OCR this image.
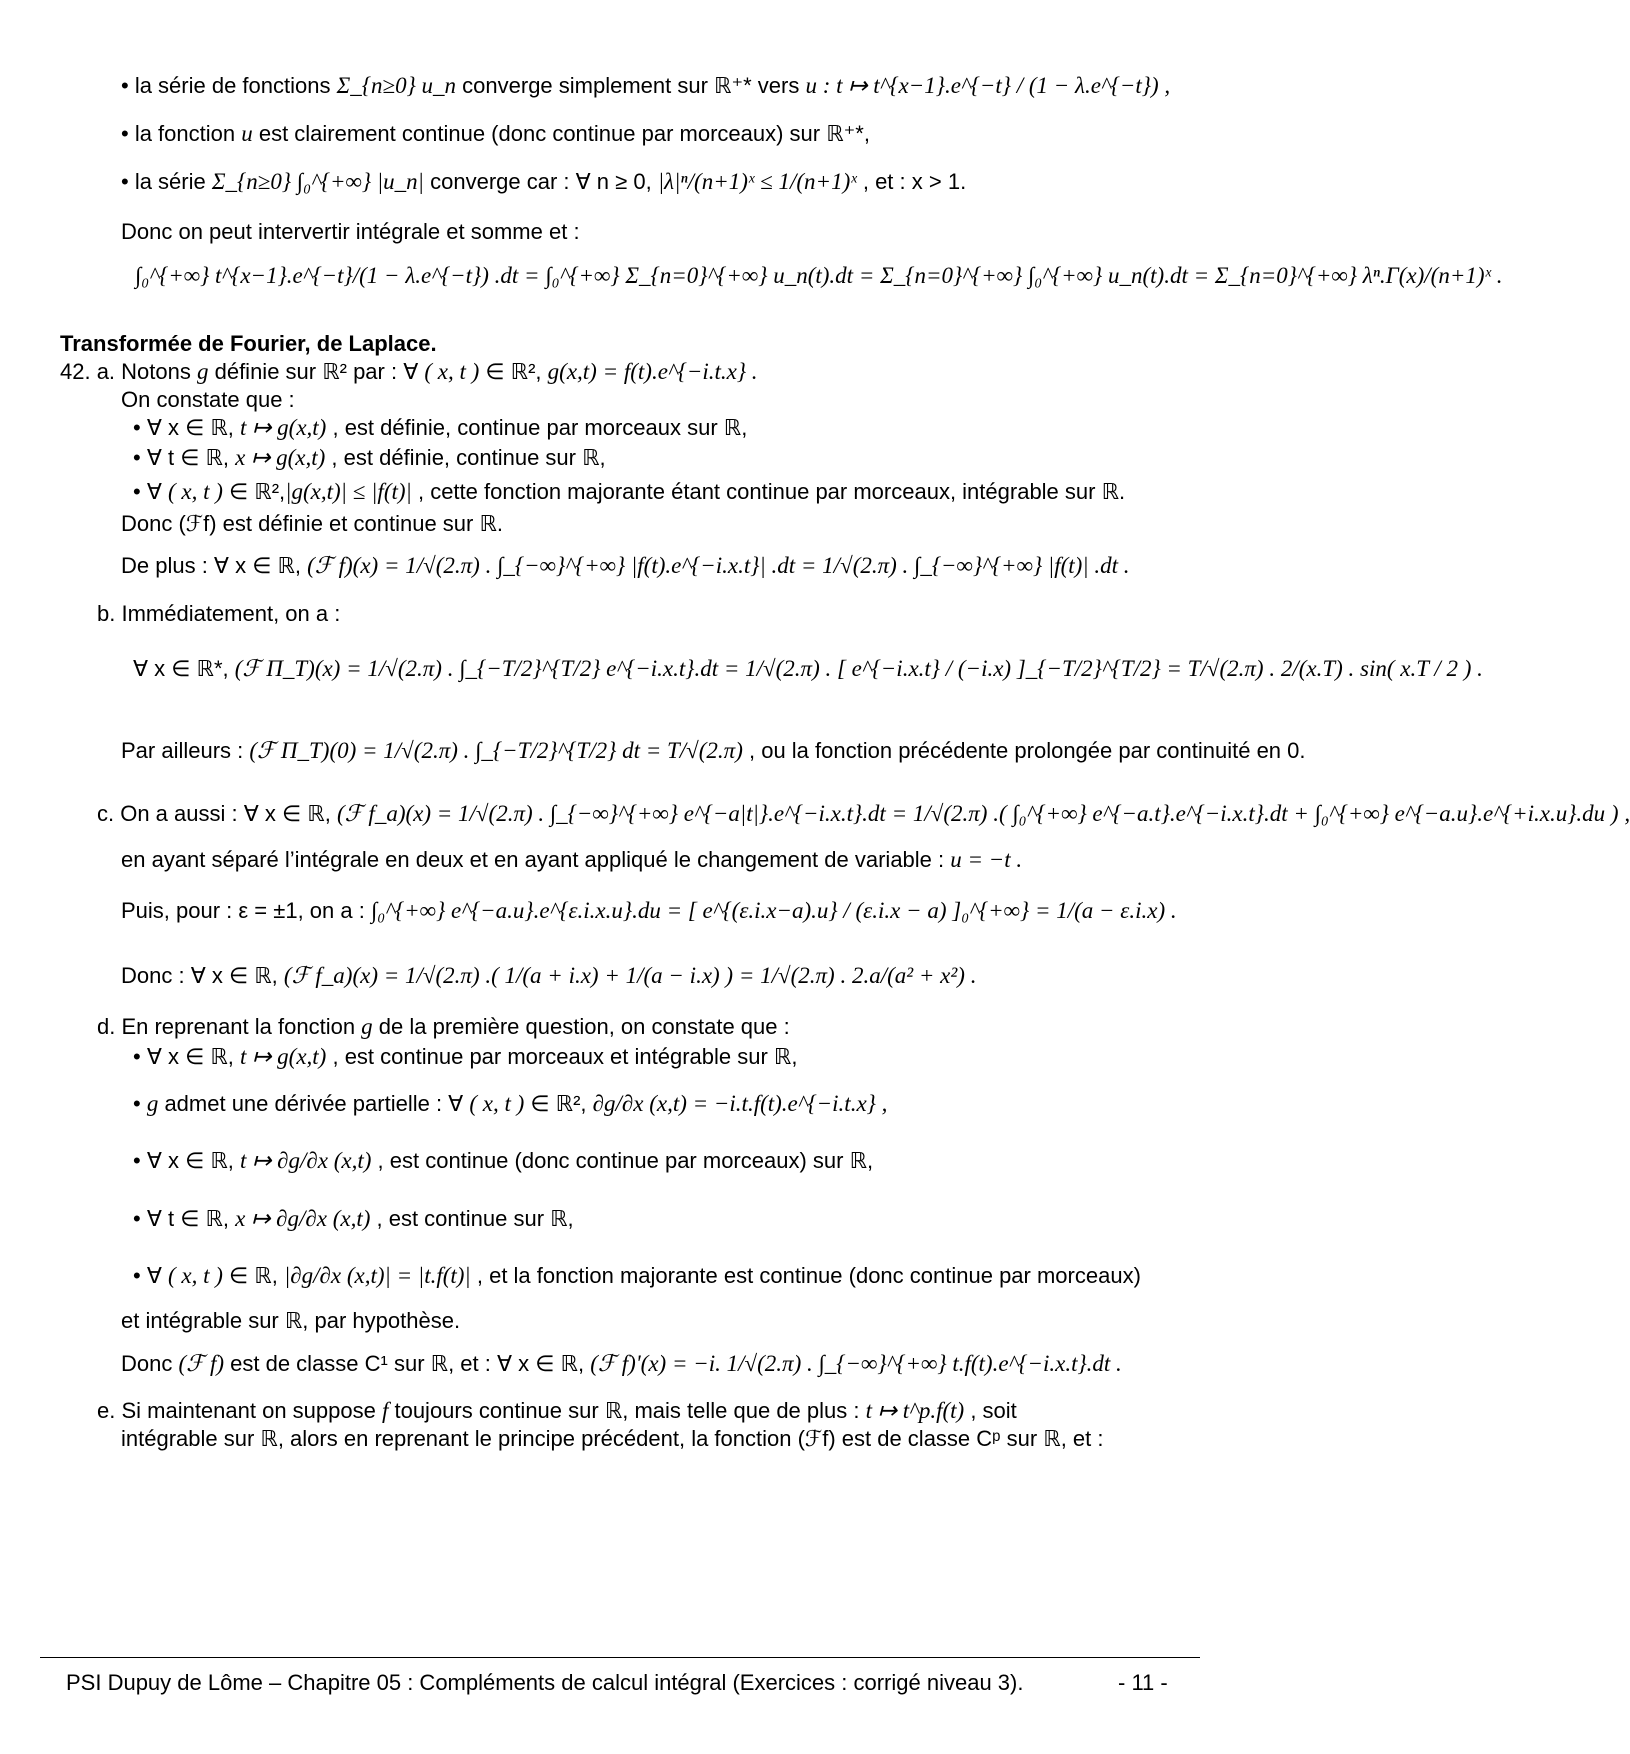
• la série de fonctions Σ_{n≥0} u_n converge simplement sur ℝ⁺* vers u : t ↦ t^{x−1}.e^{−t} / (1 − λ.e^{−t}) ,
• la fonction u est clairement continue (donc continue par morceaux) sur ℝ⁺*,
• la série Σ_{n≥0} ∫₀^{+∞} |u_n| converge car : ∀ n ≥ 0, |λ|ⁿ/(n+1)ˣ ≤ 1/(n+1)ˣ , et : x > 1.
Donc on peut intervertir intégrale et somme et :
∫₀^{+∞} t^{x−1}.e^{−t}/(1 − λ.e^{−t}) .dt = ∫₀^{+∞} Σ_{n=0}^{+∞} u_n(t).dt = Σ_{n=0}^{+∞} ∫₀^{+∞} u_n(t).dt = Σ_{n=0}^{+∞} λⁿ.Γ(x)/(n+1)ˣ .
Transformée de Fourier, de Laplace.
42. a. Notons g définie sur ℝ² par : ∀ ( x, t ) ∈ ℝ², g(x,t) = f(t).e^{−i.t.x} .
On constate que :
• ∀ x ∈ ℝ, t ↦ g(x,t) , est définie, continue par morceaux sur ℝ,
• ∀ t ∈ ℝ, x ↦ g(x,t) , est définie, continue sur ℝ,
• ∀ ( x, t ) ∈ ℝ²,|g(x,t)| ≤ |f(t)| , cette fonction majorante étant continue par morceaux, intégrable sur ℝ.
Donc (ℱf) est définie et continue sur ℝ.
De plus : ∀ x ∈ ℝ, (ℱ f)(x) = 1/√(2.π) . ∫_{−∞}^{+∞} |f(t).e^{−i.x.t}| .dt = 1/√(2.π) . ∫_{−∞}^{+∞} |f(t)| .dt .
b. Immédiatement, on a :
∀ x ∈ ℝ*, (ℱ Π_T)(x) = 1/√(2.π) . ∫_{−T/2}^{T/2} e^{−i.x.t}.dt = 1/√(2.π) . [ e^{−i.x.t} / (−i.x) ]_{−T/2}^{T/2} = T/√(2.π) . 2/(x.T) . sin( x.T / 2 ) .
Par ailleurs : (ℱ Π_T)(0) = 1/√(2.π) . ∫_{−T/2}^{T/2} dt = T/√(2.π) , ou la fonction précédente prolongée par continuité en 0.
c. On a aussi : ∀ x ∈ ℝ, (ℱ f_a)(x) = 1/√(2.π) . ∫_{−∞}^{+∞} e^{−a|t|}.e^{−i.x.t}.dt = 1/√(2.π) .( ∫₀^{+∞} e^{−a.t}.e^{−i.x.t}.dt + ∫₀^{+∞} e^{−a.u}.e^{+i.x.u}.du ) ,
en ayant séparé l’intégrale en deux et en ayant appliqué le changement de variable : u = −t .
Puis, pour : ε = ±1, on a : ∫₀^{+∞} e^{−a.u}.e^{ε.i.x.u}.du = [ e^{(ε.i.x−a).u} / (ε.i.x − a) ]₀^{+∞} = 1/(a − ε.i.x) .
Donc : ∀ x ∈ ℝ, (ℱ f_a)(x) = 1/√(2.π) .( 1/(a + i.x) + 1/(a − i.x) ) = 1/√(2.π) . 2.a/(a² + x²) .
d. En reprenant la fonction g de la première question, on constate que :
• ∀ x ∈ ℝ, t ↦ g(x,t) , est continue par morceaux et intégrable sur ℝ,
• g admet une dérivée partielle : ∀ ( x, t ) ∈ ℝ², ∂g/∂x (x,t) = −i.t.f(t).e^{−i.t.x} ,
• ∀ x ∈ ℝ, t ↦ ∂g/∂x (x,t) , est continue (donc continue par morceaux) sur ℝ,
• ∀ t ∈ ℝ, x ↦ ∂g/∂x (x,t) , est continue sur ℝ,
• ∀ ( x, t ) ∈ ℝ, |∂g/∂x (x,t)| = |t.f(t)| , et la fonction majorante est continue (donc continue par morceaux)
et intégrable sur ℝ, par hypothèse.
Donc (ℱ f) est de classe C¹ sur ℝ, et : ∀ x ∈ ℝ, (ℱ f)'(x) = −i. 1/√(2.π) . ∫_{−∞}^{+∞} t.f(t).e^{−i.x.t}.dt .
e. Si maintenant on suppose f toujours continue sur ℝ, mais telle que de plus : t ↦ t^p.f(t) , soit
intégrable sur ℝ, alors en reprenant le principe précédent, la fonction (ℱf) est de classe Cᵖ sur ℝ, et :
PSI Dupuy de Lôme – Chapitre 05 : Compléments de calcul intégral (Exercices : corrigé niveau 3).	- 11 -
